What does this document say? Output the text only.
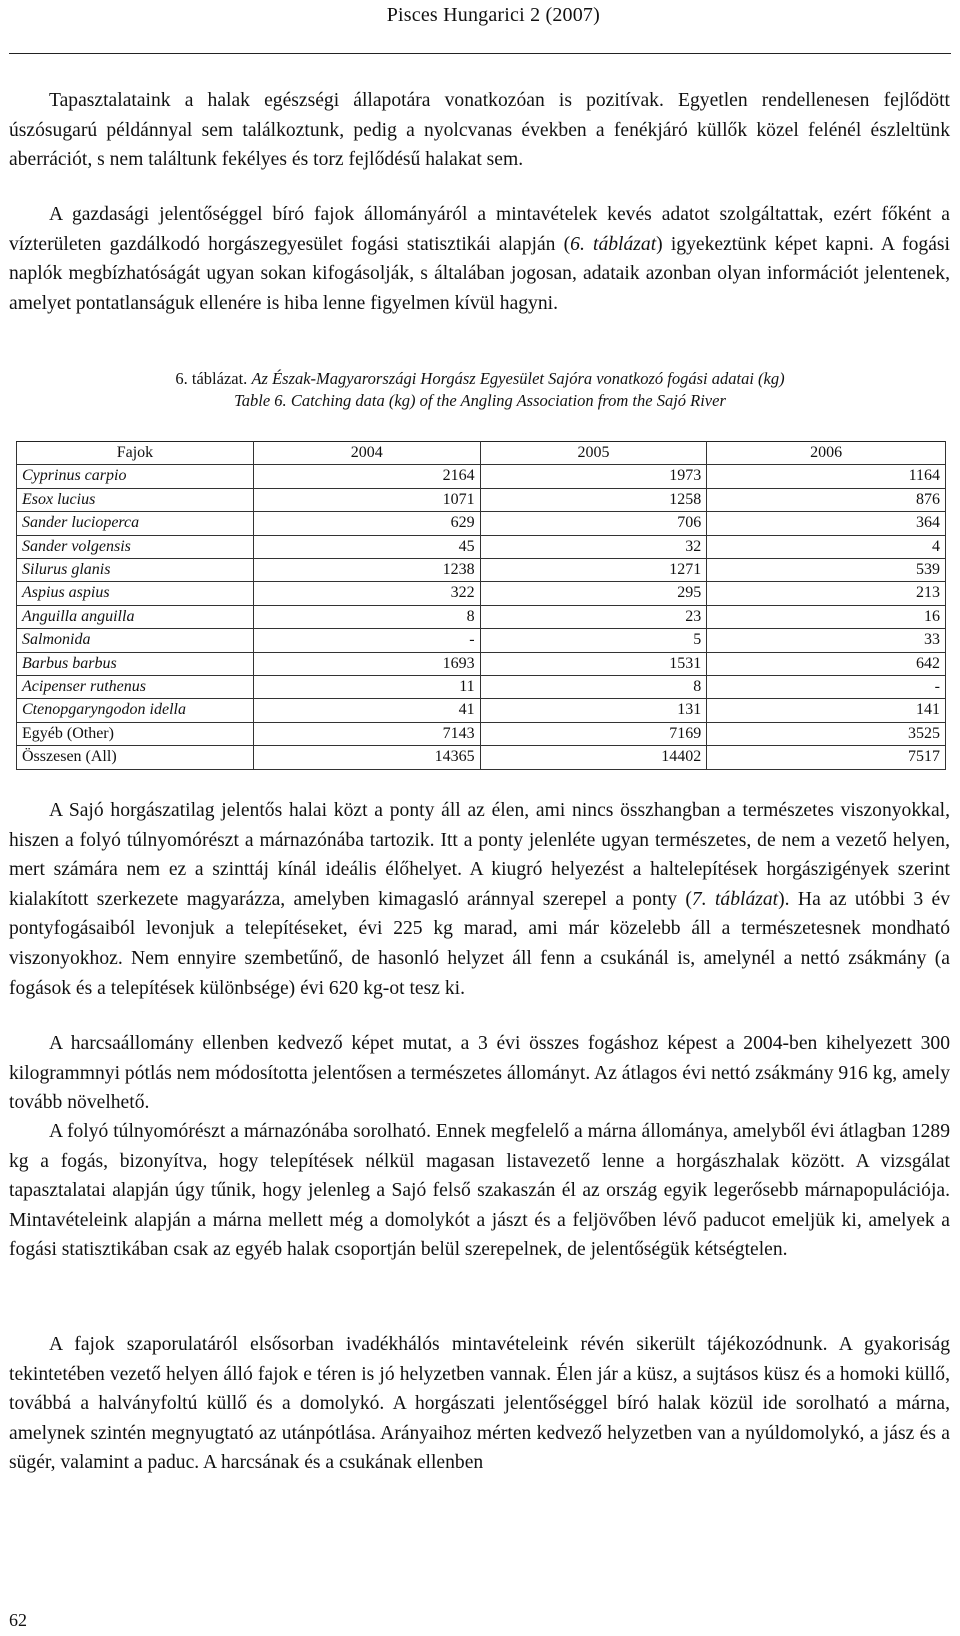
Pisces Hungarici 2 (2007)

Tapasztalataink a halak egészségi állapotára vonatkozóan is pozitívak. Egyetlen rendellenesen fejlődött úszósugarú példánnyal sem találkoztunk, pedig a nyolcvanas években a fenékjáró küllők közel felénél észleltünk aberrációt, s nem találtunk fekélyes és torz fejlődésű halakat sem.

A gazdasági jelentőséggel bíró fajok állományáról a mintavételek kevés adatot szolgáltattak, ezért főként a vízterületen gazdálkodó horgászegyesület fogási statisztikái alapján (6. táblázat) igyekeztünk képet kapni. A fogási naplók megbízhatóságát ugyan sokan kifogásolják, s általában jogosan, adataik azonban olyan információt jelentenek, amelyet pontatlanságuk ellenére is hiba lenne figyelmen kívül hagyni.

6. táblázat. Az Észak-Magyarországi Horgász Egyesület Sajóra vonatkozó fogási adatai (kg)
Table 6. Catching data (kg) of the Angling Association from the Sajó River
Fajok	2004	2005	2006
Cyprinus carpio	2164	1973	1164
Esox lucius	1071	1258	876
Sander lucioperca	629	706	364
Sander volgensis	45	32	4
Silurus glanis	1238	1271	539
Aspius aspius	322	295	213
Anguilla anguilla	8	23	16
Salmonida	-	5	33
Barbus barbus	1693	1531	642
Acipenser ruthenus	11	8	-
Ctenopgaryngodon idella	41	131	141
Egyéb (Other)	7143	7169	3525
Összesen (All)	14365	14402	7517

A Sajó horgászatilag jelentős halai közt a ponty áll az élen, ami nincs összhangban a természetes viszonyokkal, hiszen a folyó túlnyomórészt a márnazónába tartozik. Itt a ponty jelenléte ugyan természetes, de nem a vezető helyen, mert számára nem ez a szinttáj kínál ideális élőhelyet. A kiugró helyezést a haltelepítések horgászigények szerint kialakított szerkezete magyarázza, amelyben kimagasló aránnyal szerepel a ponty (7. táblázat). Ha az utóbbi 3 év pontyfogásaiból levonjuk a telepítéseket, évi 225 kg marad, ami már közelebb áll a természetesnek mondható viszonyokhoz. Nem ennyire szembetűnő, de hasonló helyzet áll fenn a csukánál is, amelynél a nettó zsákmány (a fogások és a telepítések különbsége) évi 620 kg-ot tesz ki.

A harcsaállomány ellenben kedvező képet mutat, a 3 évi összes fogáshoz képest a 2004-ben kihelyezett 300 kilogrammnyi pótlás nem módosította jelentősen a természetes állományt. Az átlagos évi nettó zsákmány 916 kg, amely tovább növelhető.

A folyó túlnyomórészt a márnazónába sorolható. Ennek megfelelő a márna állománya, amelyből évi átlagban 1289 kg a fogás, bizonyítva, hogy telepítések nélkül magasan listavezető lenne a horgászhalak között. A vizsgálat tapasztalatai alapján úgy tűnik, hogy jelenleg a Sajó felső szakaszán él az ország egyik legerősebb márnapopulációja. Mintavételeink alapján a márna mellett még a domolykót a jászt és a feljövőben lévő paducot emeljük ki, amelyek a fogási statisztikában csak az egyéb halak csoportján belül szerepelnek, de jelentőségük kétségtelen.

A fajok szaporulatáról elsősorban ivadékhálós mintavételeink révén sikerült tájékozódnunk. A gyakoriság tekintetében vezető helyen álló fajok e téren is jó helyzetben vannak. Élen jár a küsz, a sujtásos küsz és a homoki küllő, továbbá a halványfoltú küllő és a domolykó. A horgászati jelentőséggel bíró halak közül ide sorolható a márna, amelynek szintén megnyugtató az utánpótlása. Arányaihoz mérten kedvező helyzetben van a nyúldomolykó, a jász és a sügér, valamint a paduc. A harcsának és a csukának ellenben

62
